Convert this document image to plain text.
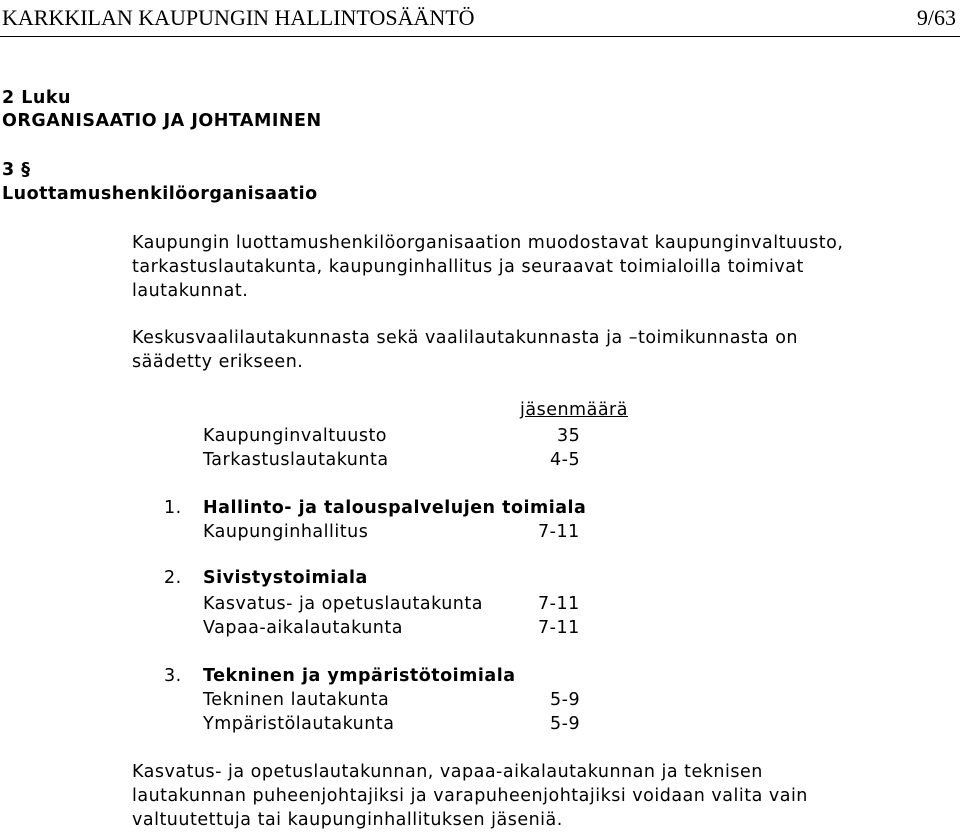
KARKKILAN KAUPUNGIN HALLINTOSÄÄNTÖ	9/63
2 Luku
ORGANISAATIO JA JOHTAMINEN
3 §
Luottamushenkilöorganisaatio
Kaupungin luottamushenkilöorganisaation muodostavat kaupunginvaltuusto,
tarkastuslautakunta, kaupunginhallitus ja seuraavat toimialoilla toimivat
lautakunnat.
Keskusvaalilautakunnasta sekä vaalilautakunnasta ja –toimikunnasta on
säädetty erikseen.
jäsenmäärä
Kaupunginvaltuusto	35
Tarkastuslautakunta	4-5
1. Hallinto- ja talouspalvelujen toimiala
Kaupunginhallitus	7-11
2. Sivistystoimiala
Kasvatus- ja opetuslautakunta	7-11
Vapaa-aikalautakunta	7-11
3. Tekninen ja ympäristötoimiala
Tekninen lautakunta	5-9
Ympäristölautakunta	5-9
Kasvatus- ja opetuslautakunnan, vapaa-aikalautakunnan ja teknisen
lautakunnan puheenjohtajiksi ja varapuheenjohtajiksi voidaan valita vain
valtuutettuja tai kaupunginhallituksen jäseniä.
